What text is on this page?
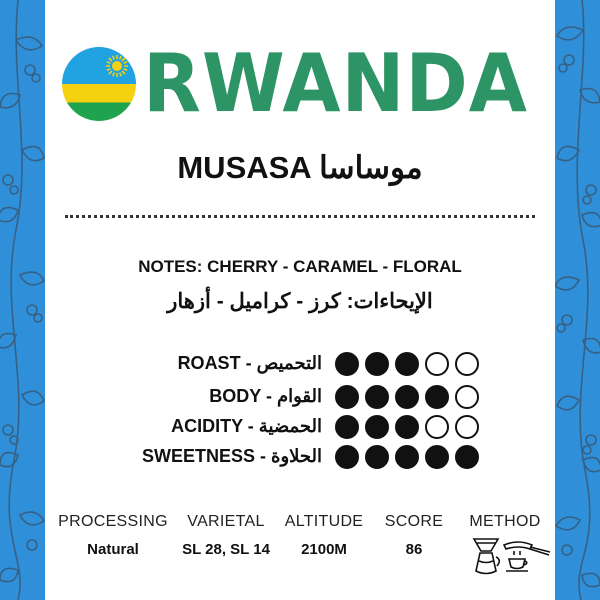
RWANDA
MUSASA موساسا
NOTES: CHERRY - CARAMEL - FLORAL
الإيحاءات: كرز - كراميل - أزهار
ROAST - التحميص
BODY - القوام
ACIDITY - الحمضية
SWEETNESS - الحلاوة
PROCESSING
Natural
VARIETAL
SL 28, SL 14
ALTITUDE
2100M
SCORE
86
METHOD
